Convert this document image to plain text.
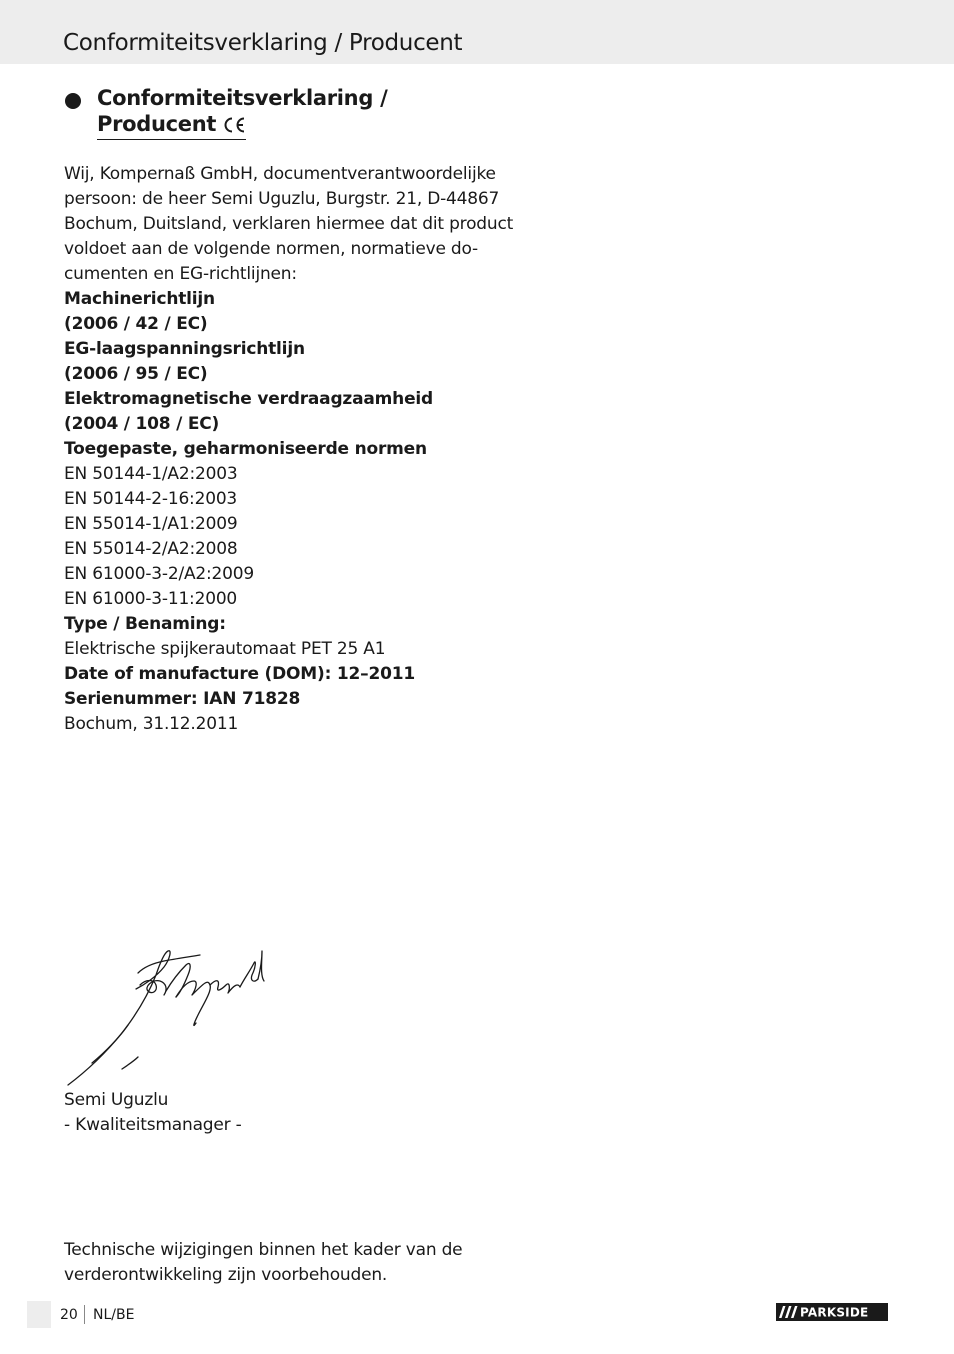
Conformiteitsverklaring / Producent
Conformiteitsverklaring /
Producent

Wij, Kompernaß GmbH, documentverantwoordelijke
persoon: de heer Semi Uguzlu, Burgstr. 21, D-44867
Bochum, Duitsland, verklaren hiermee dat dit product
voldoet aan de volgende normen, normatieve do-
cumenten en EG-richtlijnen:

Machinerichtlijn
(2006 / 42 / EC)

EG-laagspanningsrichtlijn
(2006 / 95 / EC)

Elektromagnetische verdraagzaamheid
(2004 / 108 / EC)

Toegepaste, geharmoniseerde normen
EN 50144-1/A2:2003
EN 50144-2-16:2003
EN 55014-1/A1:2009
EN 55014-2/A2:2008
EN 61000-3-2/A2:2009
EN 61000-3-11:2000

Type / Benaming:
Elektrische spijkerautomaat PET 25 A1

Date of manufacture (DOM): 12–2011
Serienummer: IAN 71828

Bochum, 31.12.2011

Semi Uguzlu
- Kwaliteitsmanager -
Technische wijzigingen binnen het kader van de
verderontwikkeling zijn voorbehouden.
20 NL/BE	PARKSIDE
